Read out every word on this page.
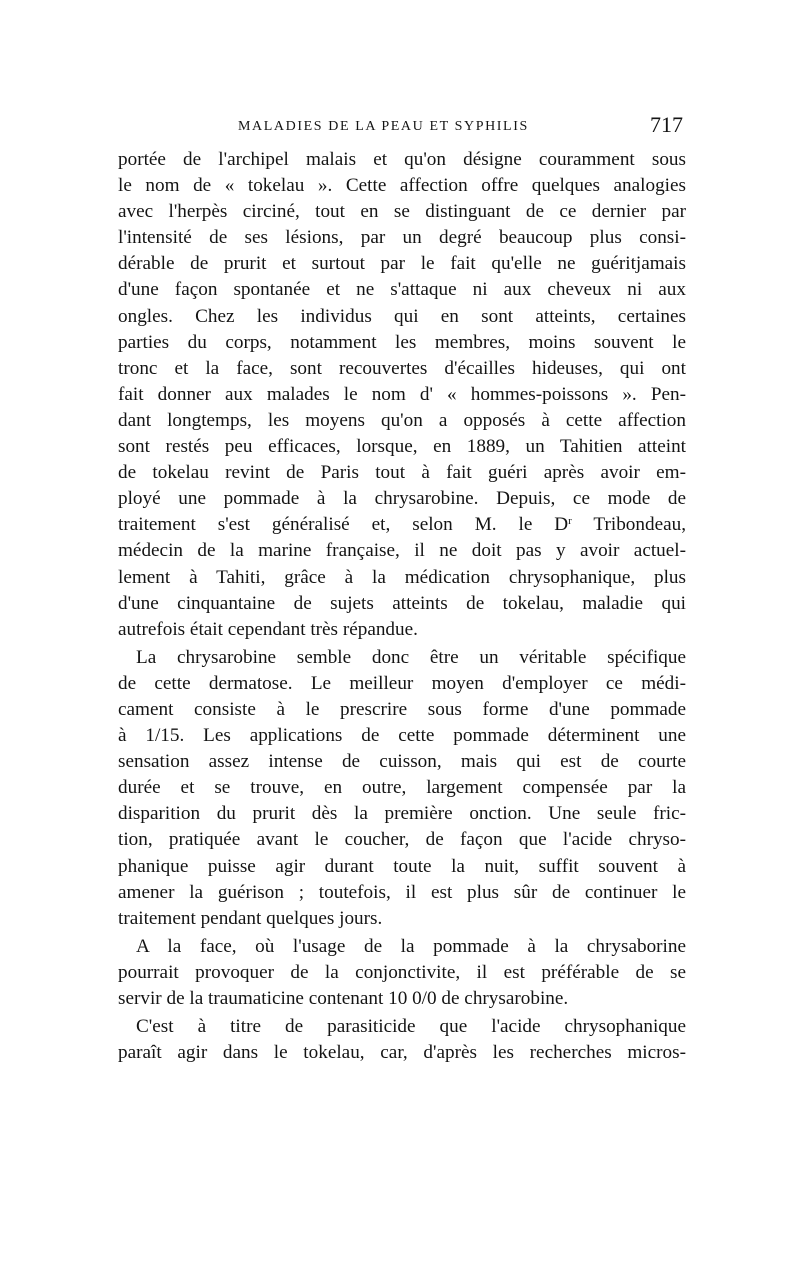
MALADIES DE LA PEAU ET SYPHILIS	717
portée de l'archipel malais et qu'on désigne couramment sous
le nom de « tokelau ». Cette affection offre quelques analogies
avec l'herpès circiné, tout en se distinguant de ce dernier par
l'intensité de ses lésions, par un degré beaucoup plus consi-
dérable de prurit et surtout par le fait qu'elle ne guéritjamais
d'une façon spontanée et ne s'attaque ni aux cheveux ni aux
ongles. Chez les individus qui en sont atteints, certaines
parties du corps, notamment les membres, moins souvent le
tronc et la face, sont recouvertes d'écailles hideuses, qui ont
fait donner aux malades le nom d' « hommes-poissons ». Pen-
dant longtemps, les moyens qu'on a opposés à cette affection
sont restés peu efficaces, lorsque, en 1889, un Tahitien atteint
de tokelau revint de Paris tout à fait guéri après avoir em-
ployé une pommade à la chrysarobine. Depuis, ce mode de
traitement s'est généralisé et, selon M. le $D^r$ Tribondeau,
médecin de la marine française, il ne doit pas y avoir actuel-
lement à Tahiti, grâce à la médication chrysophanique, plus
d'une cinquantaine de sujets atteints de tokelau, maladie qui
autrefois était cependant très répandue.
La chrysarobine semble donc être un véritable spécifique
de cette dermatose. Le meilleur moyen d'employer ce médi-
cament consiste à le prescrire sous forme d'une pommade
à 1/15. Les applications de cette pommade déterminent une
sensation assez intense de cuisson, mais qui est de courte
durée et se trouve, en outre, largement compensée par la
disparition du prurit dès la première onction. Une seule fric-
tion, pratiquée avant le coucher, de façon que l'acide chryso-
phanique puisse agir durant toute la nuit, suffit souvent à
amener la guérison ; toutefois, il est plus sûr de continuer le
traitement pendant quelques jours.
A la face, où l'usage de la pommade à la chrysaborine
pourrait provoquer de la conjonctivite, il est préférable de se
servir de la traumaticine contenant 10 0/0 de chrysarobine.
C'est à titre de parasiticide que l'acide chrysophanique
paraît agir dans le tokelau, car, d'après les recherches micros-
